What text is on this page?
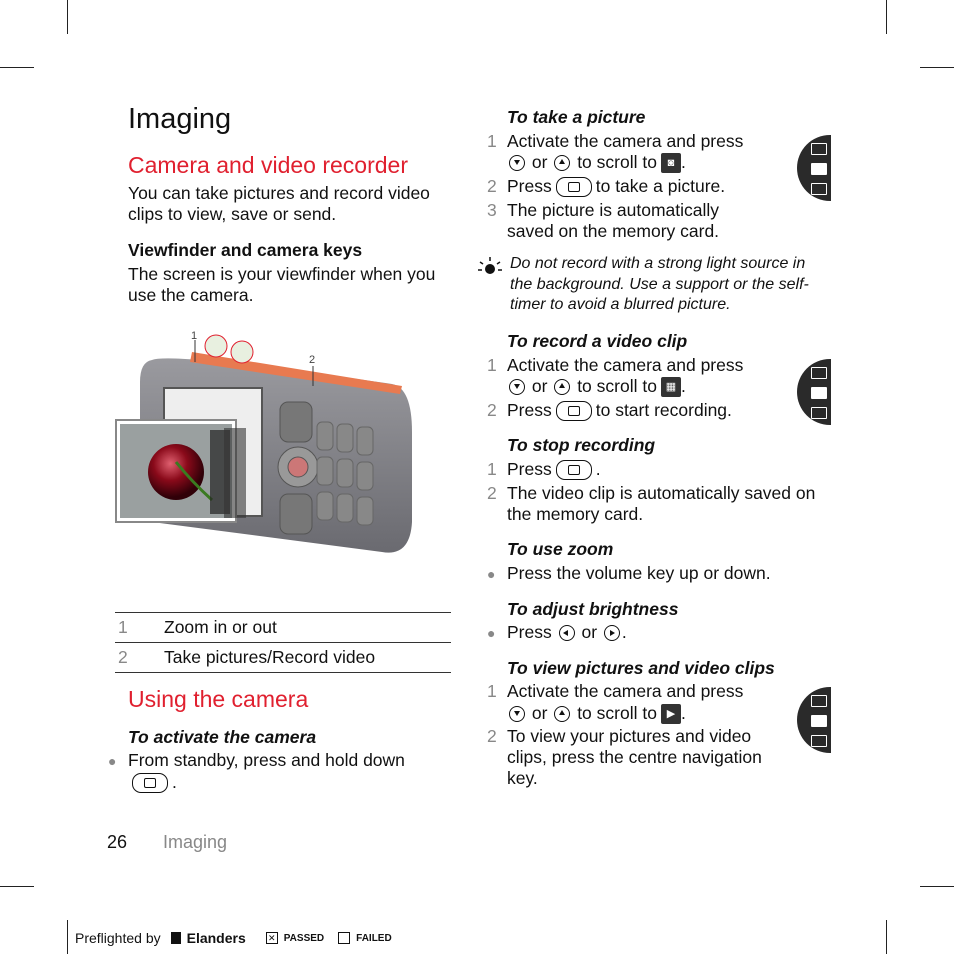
Imaging
Camera and video recorder

You can take pictures and record video clips to view, save or send.

Viewfinder and camera keys

The screen is your viewfinder when you use the camera.

1
2
1	Zoom in or out
2	Take pictures/Record video
Using the camera
To activate the camera
● From standby, press and hold down
.
To take a picture
1 Activate the camera and press
or to scroll to ◙ .
2 Press	to take a picture.
3 The picture is automatically saved on the memory card.
Do not record with a strong light source in the background. Use a support or the self-timer to avoid a blurred picture.
To record a video clip
1 Activate the camera and press
or to scroll to ▦ .
2 Press	to start recording.
To stop recording
1 Press	.
2 The video clip is automatically saved on the memory card.
To use zoom
● Press the volume key up or down.
To adjust brightness
● Press or .
To view pictures and video clips
1 Activate the camera and press
or to scroll to ▶ .
2 To view your pictures and video clips, press the centre navigation key.
26 Imaging
Preflighted by Elanders ✕ PASSED	FAILED
